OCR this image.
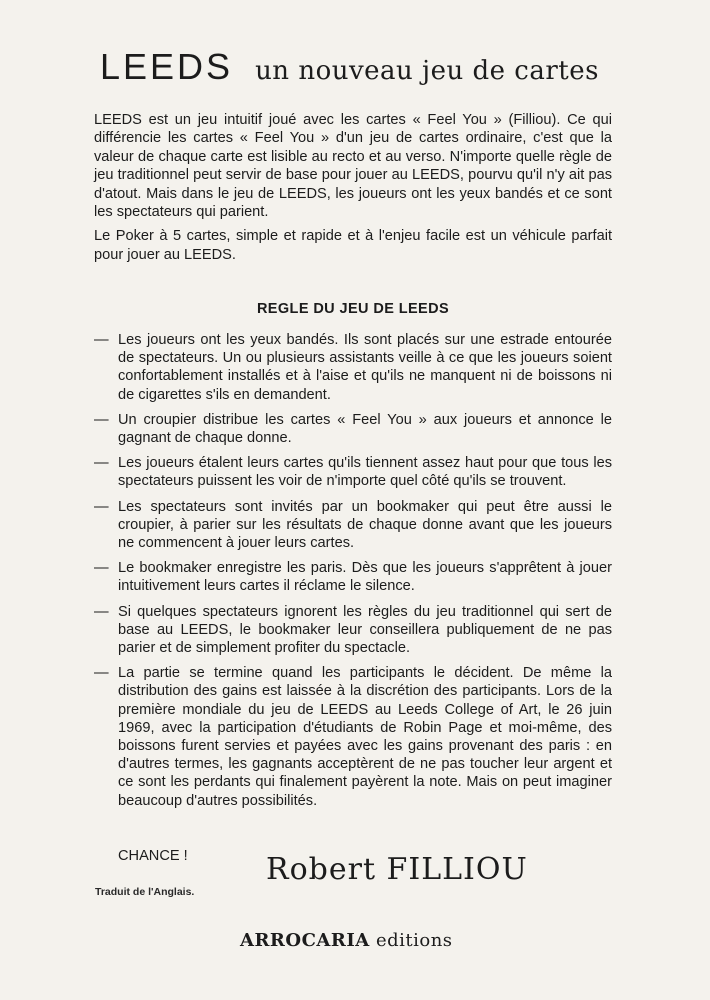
LEEDS un nouveau jeu de cartes

LEEDS est un jeu intuitif joué avec les cartes « Feel You » (Filliou). Ce qui différencie les cartes « Feel You » d'un jeu de cartes ordinaire, c'est que la valeur de chaque carte est lisible au recto et au verso. N'importe quelle règle de jeu traditionnel peut servir de base pour jouer au LEEDS, pourvu qu'il n'y ait pas d'atout. Mais dans le jeu de LEEDS, les joueurs ont les yeux bandés et ce sont les spectateurs qui parient.

Le Poker à 5 cartes, simple et rapide et à l'enjeu facile est un véhicule parfait pour jouer au LEEDS.

REGLE DU JEU DE LEEDS
— Les joueurs ont les yeux bandés. Ils sont placés sur une estrade entourée de spectateurs. Un ou plusieurs assistants veille à ce que les joueurs soient confortablement installés et à l'aise et qu'ils ne manquent ni de boissons ni de cigarettes s'ils en demandent.
— Un croupier distribue les cartes « Feel You » aux joueurs et annonce le gagnant de chaque donne.
— Les joueurs étalent leurs cartes qu'ils tiennent assez haut pour que tous les spectateurs puissent les voir de n'importe quel côté qu'ils se trouvent.
— Les spectateurs sont invités par un bookmaker qui peut être aussi le croupier, à parier sur les résultats de chaque donne avant que les joueurs ne commencent à jouer leurs cartes.
— Le bookmaker enregistre les paris. Dès que les joueurs s'apprêtent à jouer intuitivement leurs cartes il réclame le silence.
— Si quelques spectateurs ignorent les règles du jeu traditionnel qui sert de base au LEEDS, le bookmaker leur conseillera publiquement de ne pas parier et de simplement profiter du spectacle.
— La partie se termine quand les participants le décident. De même la distribution des gains est laissée à la discrétion des participants. Lors de la première mondiale du jeu de LEEDS au Leeds College of Art, le 26 juin 1969, avec la participation d'étudiants de Robin Page et moi-même, des boissons furent servies et payées avec les gains provenant des paris : en d'autres termes, les gagnants acceptèrent de ne pas toucher leur argent et ce sont les perdants qui finalement payèrent la note. Mais on peut imaginer beaucoup d'autres possibilités.
CHANCE !	Robert FILLIOU
Traduit de l'Anglais.
ARROCARIA editions
